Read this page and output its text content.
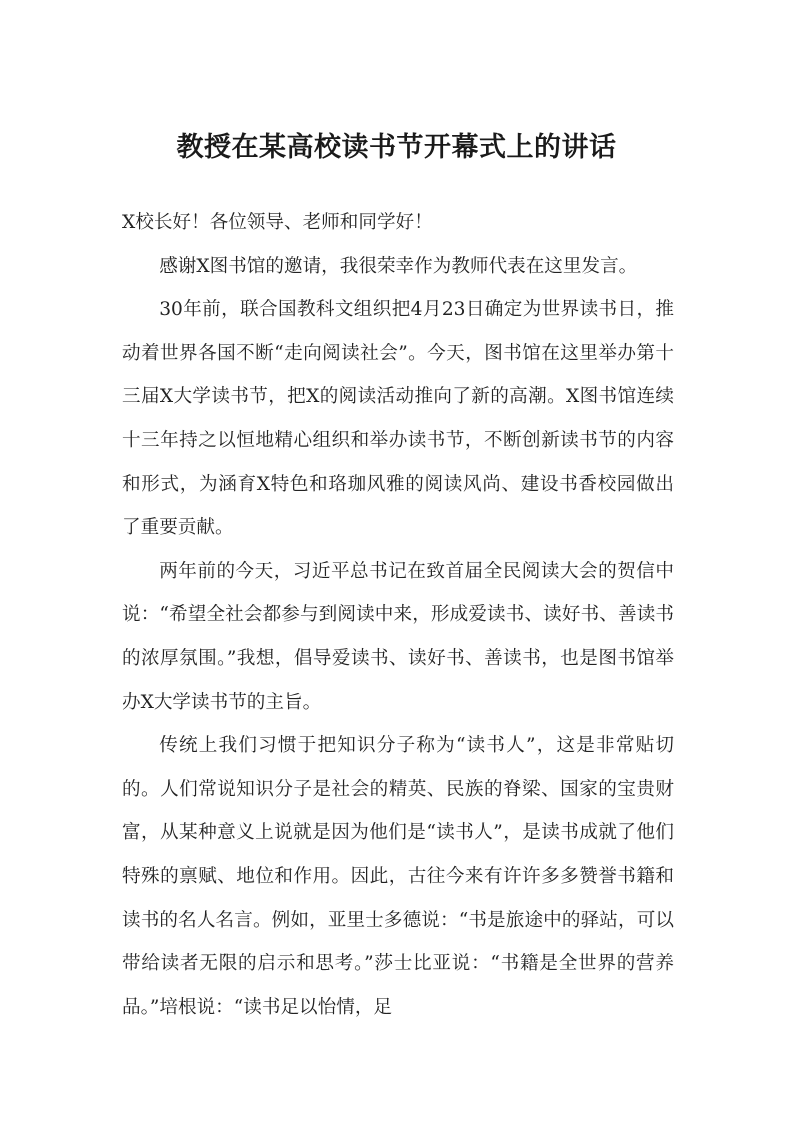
教授在某高校读书节开幕式上的讲话

X校长好！各位领导、老师和同学好！

感谢X图书馆的邀请，我很荣幸作为教师代表在这里发言。

30年前，联合国教科文组织把4月23日确定为世界读书日，推动着世界各国不断“走向阅读社会”。今天，图书馆在这里举办第十三届X大学读书节，把X的阅读活动推向了新的高潮。X图书馆连续十三年持之以恒地精心组织和举办读书节，不断创新读书节的内容和形式，为涵育X特色和珞珈风雅的阅读风尚、建设书香校园做出了重要贡献。

两年前的今天，习近平总书记在致首届全民阅读大会的贺信中说：“希望全社会都参与到阅读中来，形成爱读书、读好书、善读书的浓厚氛围。”我想，倡导爱读书、读好书、善读书，也是图书馆举办X大学读书节的主旨。

传统上我们习惯于把知识分子称为“读书人”，这是非常贴切的。人们常说知识分子是社会的精英、民族的脊梁、国家的宝贵财富，从某种意义上说就是因为他们是“读书人”，是读书成就了他们特殊的禀赋、地位和作用。因此，古往今来有许许多多赞誉书籍和读书的名人名言。例如，亚里士多德说：“书是旅途中的驿站，可以带给读者无限的启示和思考。”莎士比亚说：“书籍是全世界的营养品。”培根说：“读书足以怡情，足
